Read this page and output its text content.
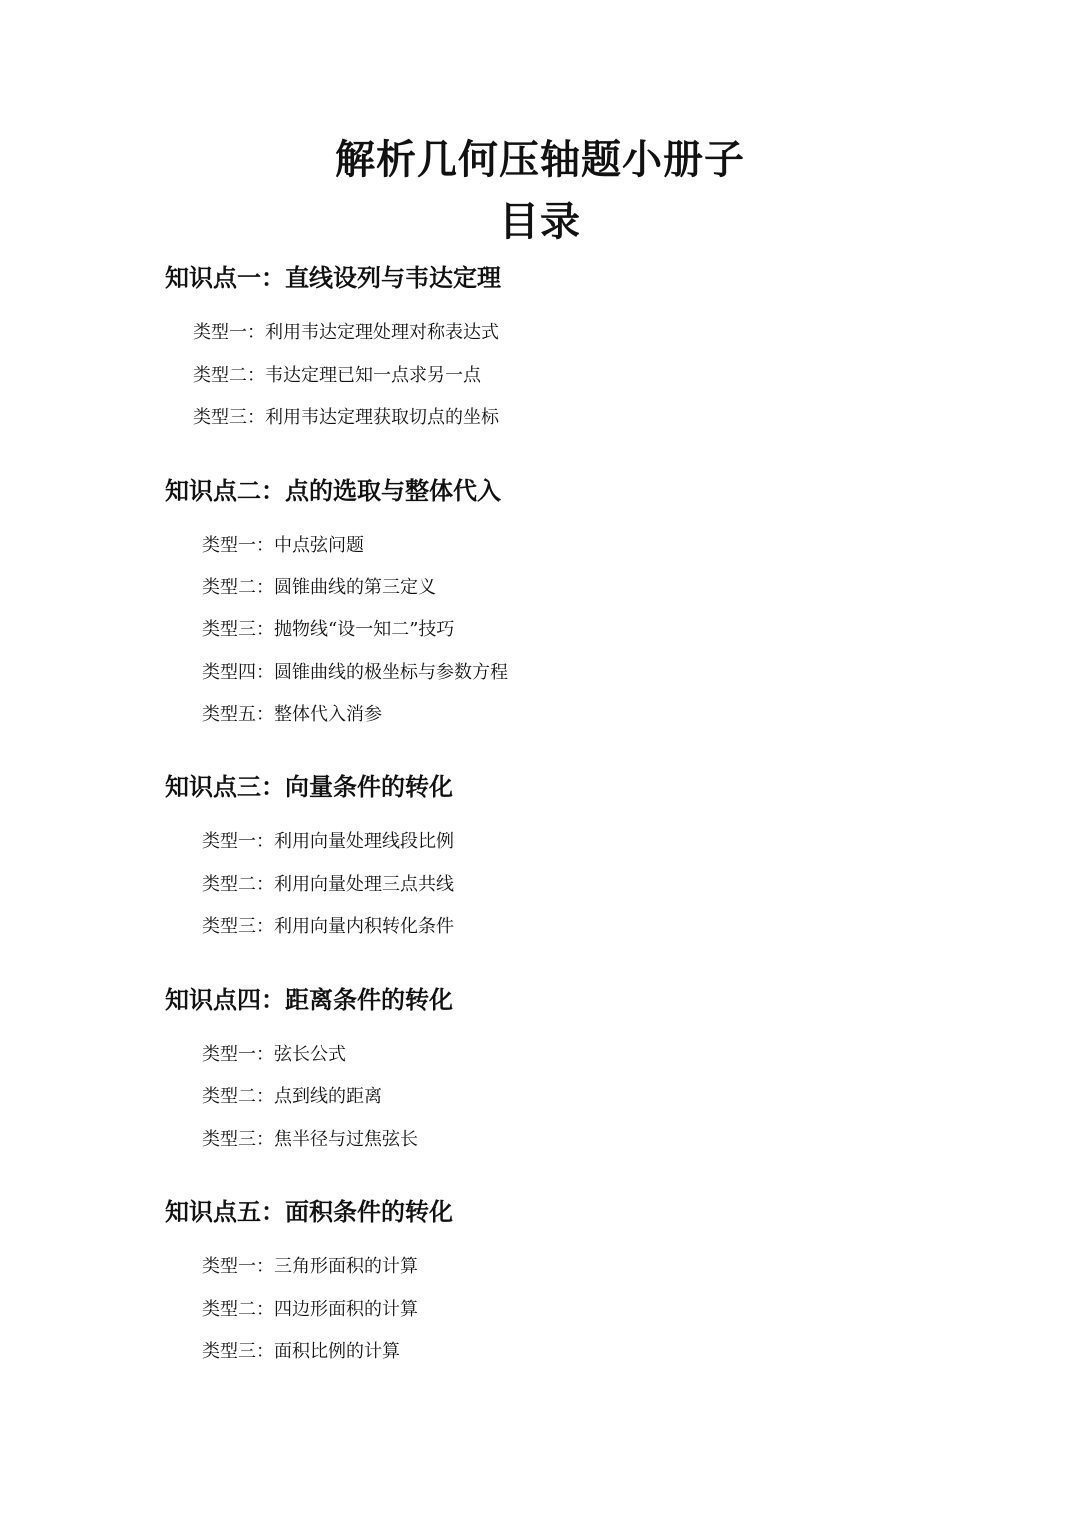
解析几何压轴题小册子
目录
知识点一：直线设列与韦达定理
类型一：利用韦达定理处理对称表达式
类型二：韦达定理已知一点求另一点
类型三：利用韦达定理获取切点的坐标
知识点二：点的选取与整体代入
类型一：中点弦问题
类型二：圆锥曲线的第三定义
类型三：抛物线“设一知二”技巧
类型四：圆锥曲线的极坐标与参数方程
类型五：整体代入消参
知识点三：向量条件的转化
类型一：利用向量处理线段比例
类型二：利用向量处理三点共线
类型三：利用向量内积转化条件
知识点四：距离条件的转化
类型一：弦长公式
类型二：点到线的距离
类型三：焦半径与过焦弦长
知识点五：面积条件的转化
类型一：三角形面积的计算
类型二：四边形面积的计算
类型三：面积比例的计算
